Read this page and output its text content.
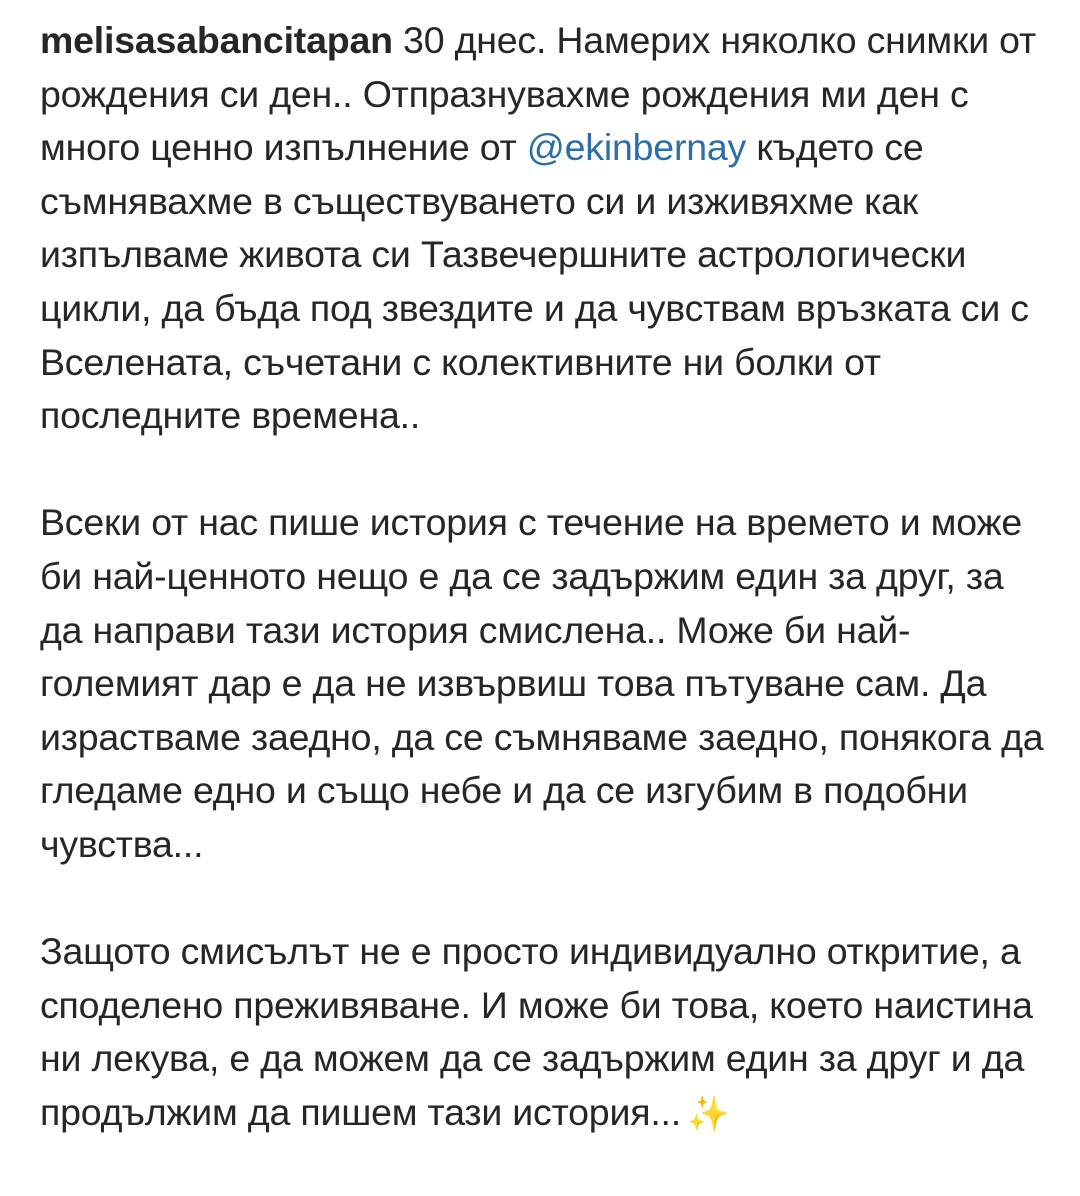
melisasabancitapan 30 днес. Намерих няколко снимки от рождения си ден.. Отпразнувахме рождения ми ден с много ценно изпълнение от @ekinbernay където се съмнявахме в съществуването си и изживяхме как изпълваме живота си Тазвечершните астрологически цикли, да бъда под звездите и да чувствам връзката си с Вселената, съчетани с колективните ни болки от последните времена..

Всеки от нас пише история с течение на времето и може би най-ценното нещо е да се задържим един за друг, за да направи тази история смислена.. Може би най-големият дар е да не извървиш това пътуване сам. Да израстваме заедно, да се съмняваме заедно, понякога да гледаме едно и също небе и да се изгубим в подобни чувства...

Защото смисълът не е просто индивидуално откритие, а споделено преживяване. И може би това, което наистина ни лекува, е да можем да се задържим един за друг и да продължим да пишем тази история... ✨
